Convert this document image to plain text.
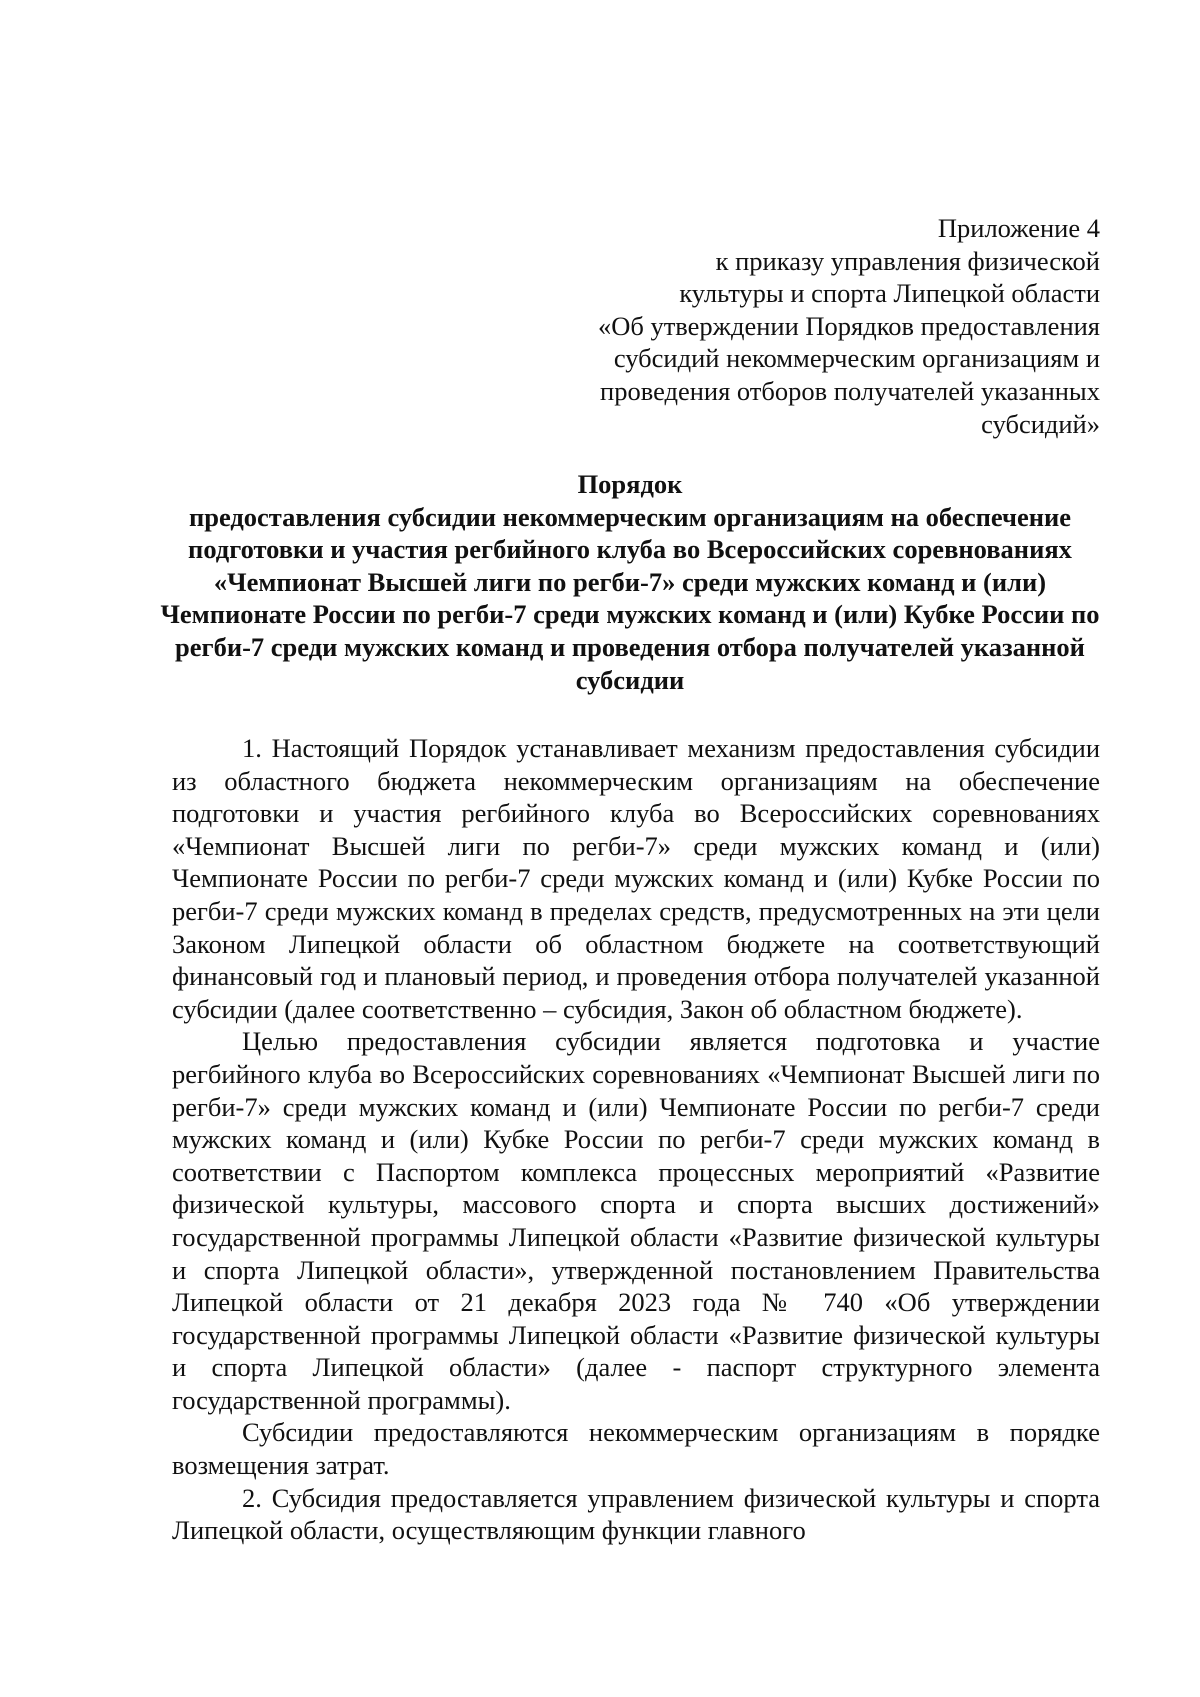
Приложение 4
к приказу управления физической
культуры и спорта Липецкой области
«Об утверждении Порядков предоставления
субсидий некоммерческим организациям и
проведения отборов получателей указанных
субсидий»
Порядок
предоставления субсидии некоммерческим организациям на обеспечение подготовки и участия регбийного клуба во Всероссийских соревнованиях «Чемпионат Высшей лиги по регби-7» среди мужских команд и (или) Чемпионате России по регби-7 среди мужских команд и (или) Кубке России по регби-7 среди мужских команд и проведения отбора получателей указанной субсидии

1. Настоящий Порядок устанавливает механизм предоставления субсидии из областного бюджета некоммерческим организациям на обеспечение подготовки и участия регбийного клуба во Всероссийских соревнованиях «Чемпионат Высшей лиги по регби-7» среди мужских команд и (или) Чемпионате России по регби-7 среди мужских команд и (или) Кубке России по регби-7 среди мужских команд в пределах средств, предусмотренных на эти цели Законом Липецкой области об областном бюджете на соответствующий финансовый год и плановый период, и проведения отбора получателей указанной субсидии (далее соответственно – субсидия, Закон об областном бюджете).

Целью предоставления субсидии является подготовка и участие регбийного клуба во Всероссийских соревнованиях «Чемпионат Высшей лиги по регби-7» среди мужских команд и (или) Чемпионате России по регби-7 среди мужских команд и (или) Кубке России по регби-7 среди мужских команд в соответствии с Паспортом комплекса процессных мероприятий «Развитие физической культуры, массового спорта и спорта высших достижений» государственной программы Липецкой области «Развитие физической культуры и спорта Липецкой области», утвержденной постановлением Правительства Липецкой области от 21 декабря 2023 года № 740 «Об утверждении государственной программы Липецкой области «Развитие физической культуры и спорта Липецкой области» (далее - паспорт структурного элемента государственной программы).

Субсидии предоставляются некоммерческим организациям в порядке возмещения затрат.

2. Субсидия предоставляется управлением физической культуры и спорта Липецкой области, осуществляющим функции главного
